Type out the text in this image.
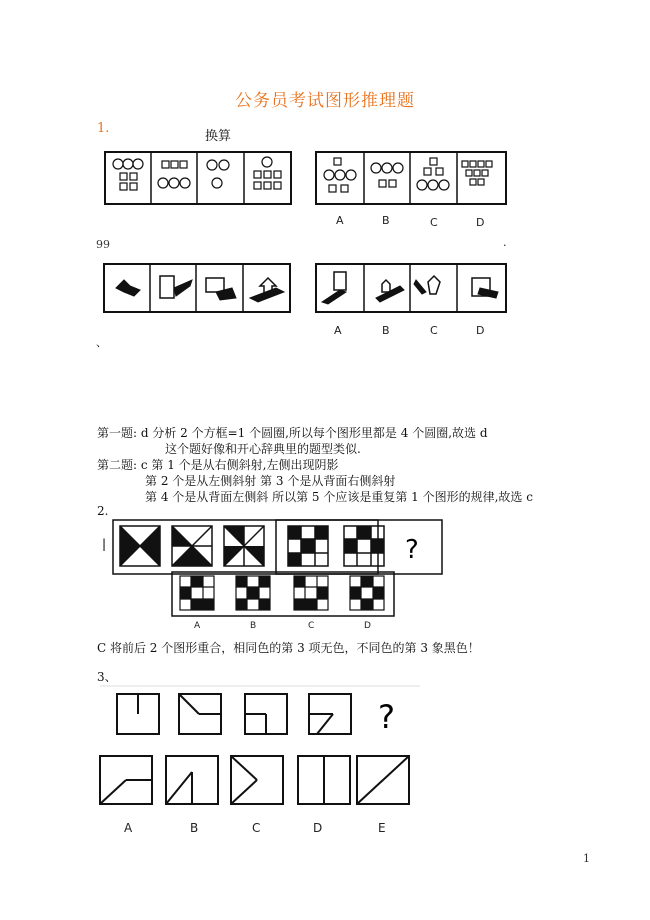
公务员考试图形推理题
1.
换算
A	B	C	D
99	.
A	B	C	D
、
第一题: d 分析 2 个方框=1 个圆圈,所以每个图形里都是 4 个圆圈,故选 d
这个题好像和开心辞典里的题型类似.
第二题: c 第 1 个是从右侧斜射,左侧出现阴影
第 2 个是从左侧斜射 第 3 个是从背面右侧斜射
第 4 个是从背面左侧斜 所以第 5 个应该是重复第 1 个图形的规律,故选 c
2.
|	?
A	B	C	D
C 将前后 2 个图形重合，相同色的第 3 项无色，不同色的第 3 象黑色！
3、
?
A	B	C	D	E
1
